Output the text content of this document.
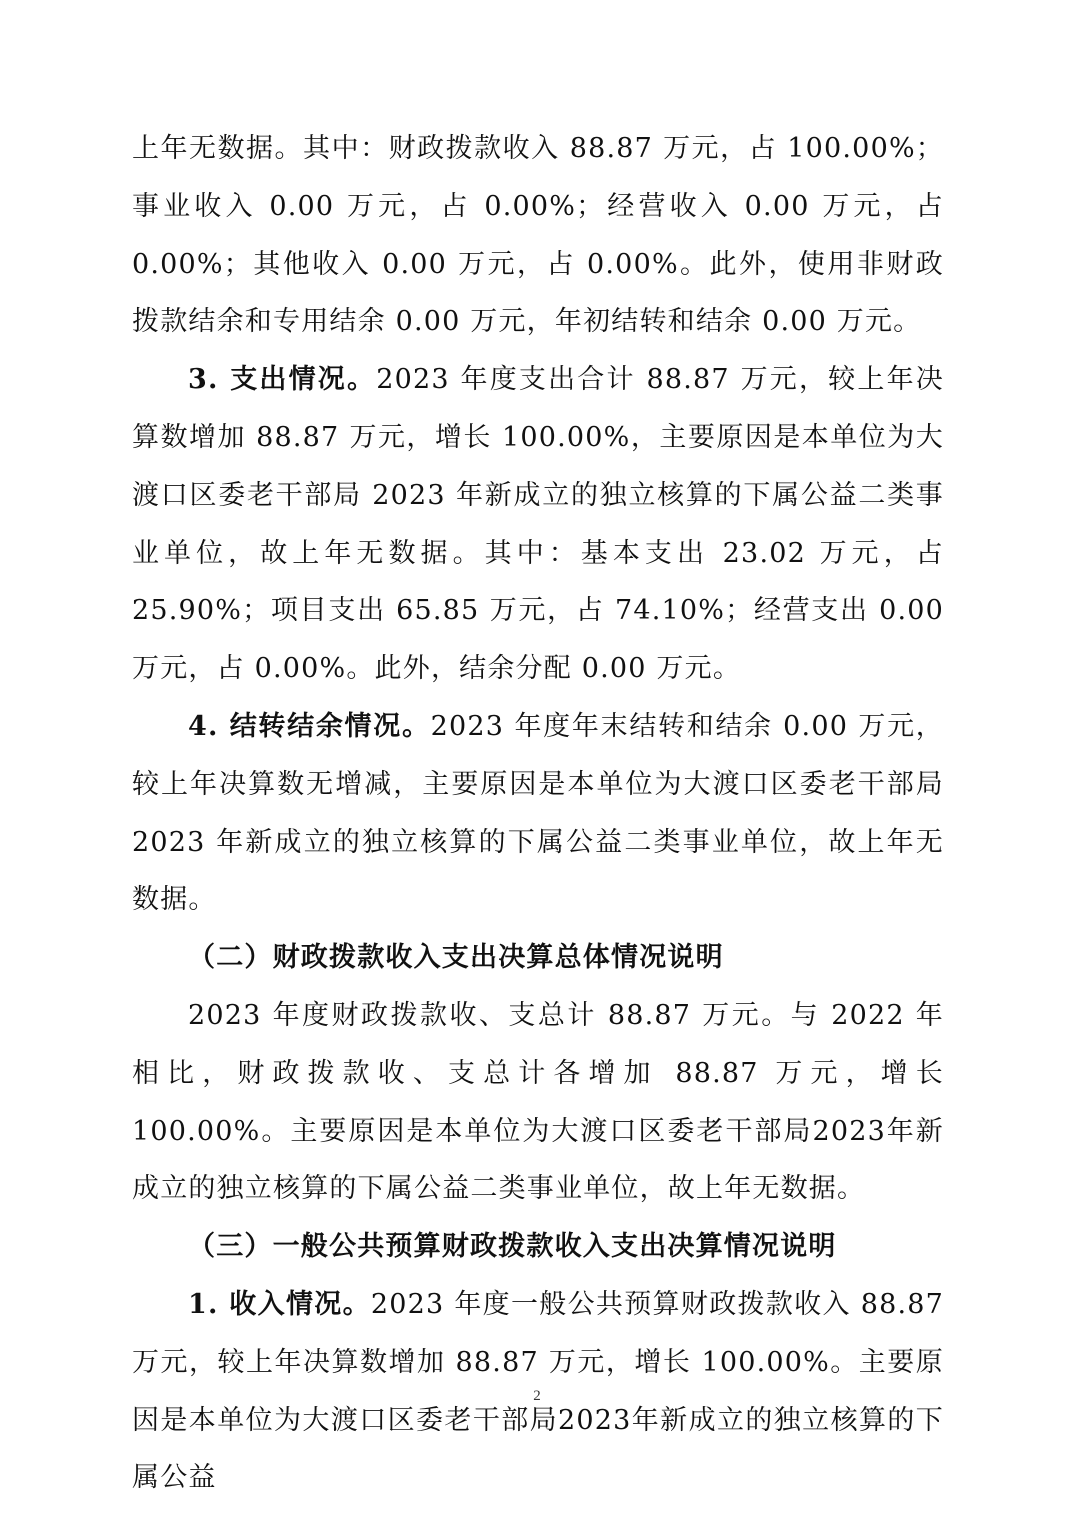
上年无数据。其中：财政拨款收入 88.87 万元，占 100.00%；事业收入 0.00 万元，占 0.00%；经营收入 0.00 万元，占 0.00%；其他收入 0.00 万元，占 0.00%。此外，使用非财政拨款结余和专用结余 0.00 万元，年初结转和结余 0.00 万元。

3. 支出情况。2023 年度支出合计 88.87 万元，较上年决算数增加 88.87 万元，增长 100.00%，主要原因是本单位为大渡口区委老干部局 2023 年新成立的独立核算的下属公益二类事业单位，故上年无数据。其中：基本支出 23.02 万元，占 25.90%；项目支出 65.85 万元，占 74.10%；经营支出 0.00 万元，占 0.00%。此外，结余分配 0.00 万元。

4. 结转结余情况。2023 年度年末结转和结余 0.00 万元，较上年决算数无增减，主要原因是本单位为大渡口区委老干部局 2023 年新成立的独立核算的下属公益二类事业单位，故上年无数据。

（二）财政拨款收入支出决算总体情况说明

2023 年度财政拨款收、支总计 88.87 万元。与 2022 年相比，财政拨款收、支总计各增加 88.87 万元，增长 100.00%。主要原因是本单位为大渡口区委老干部局2023年新成立的独立核算的下属公益二类事业单位，故上年无数据。

（三）一般公共预算财政拨款收入支出决算情况说明

1. 收入情况。2023 年度一般公共预算财政拨款收入 88.87 万元，较上年决算数增加 88.87 万元，增长 100.00%。主要原因是本单位为大渡口区委老干部局2023年新成立的独立核算的下属公益

2
